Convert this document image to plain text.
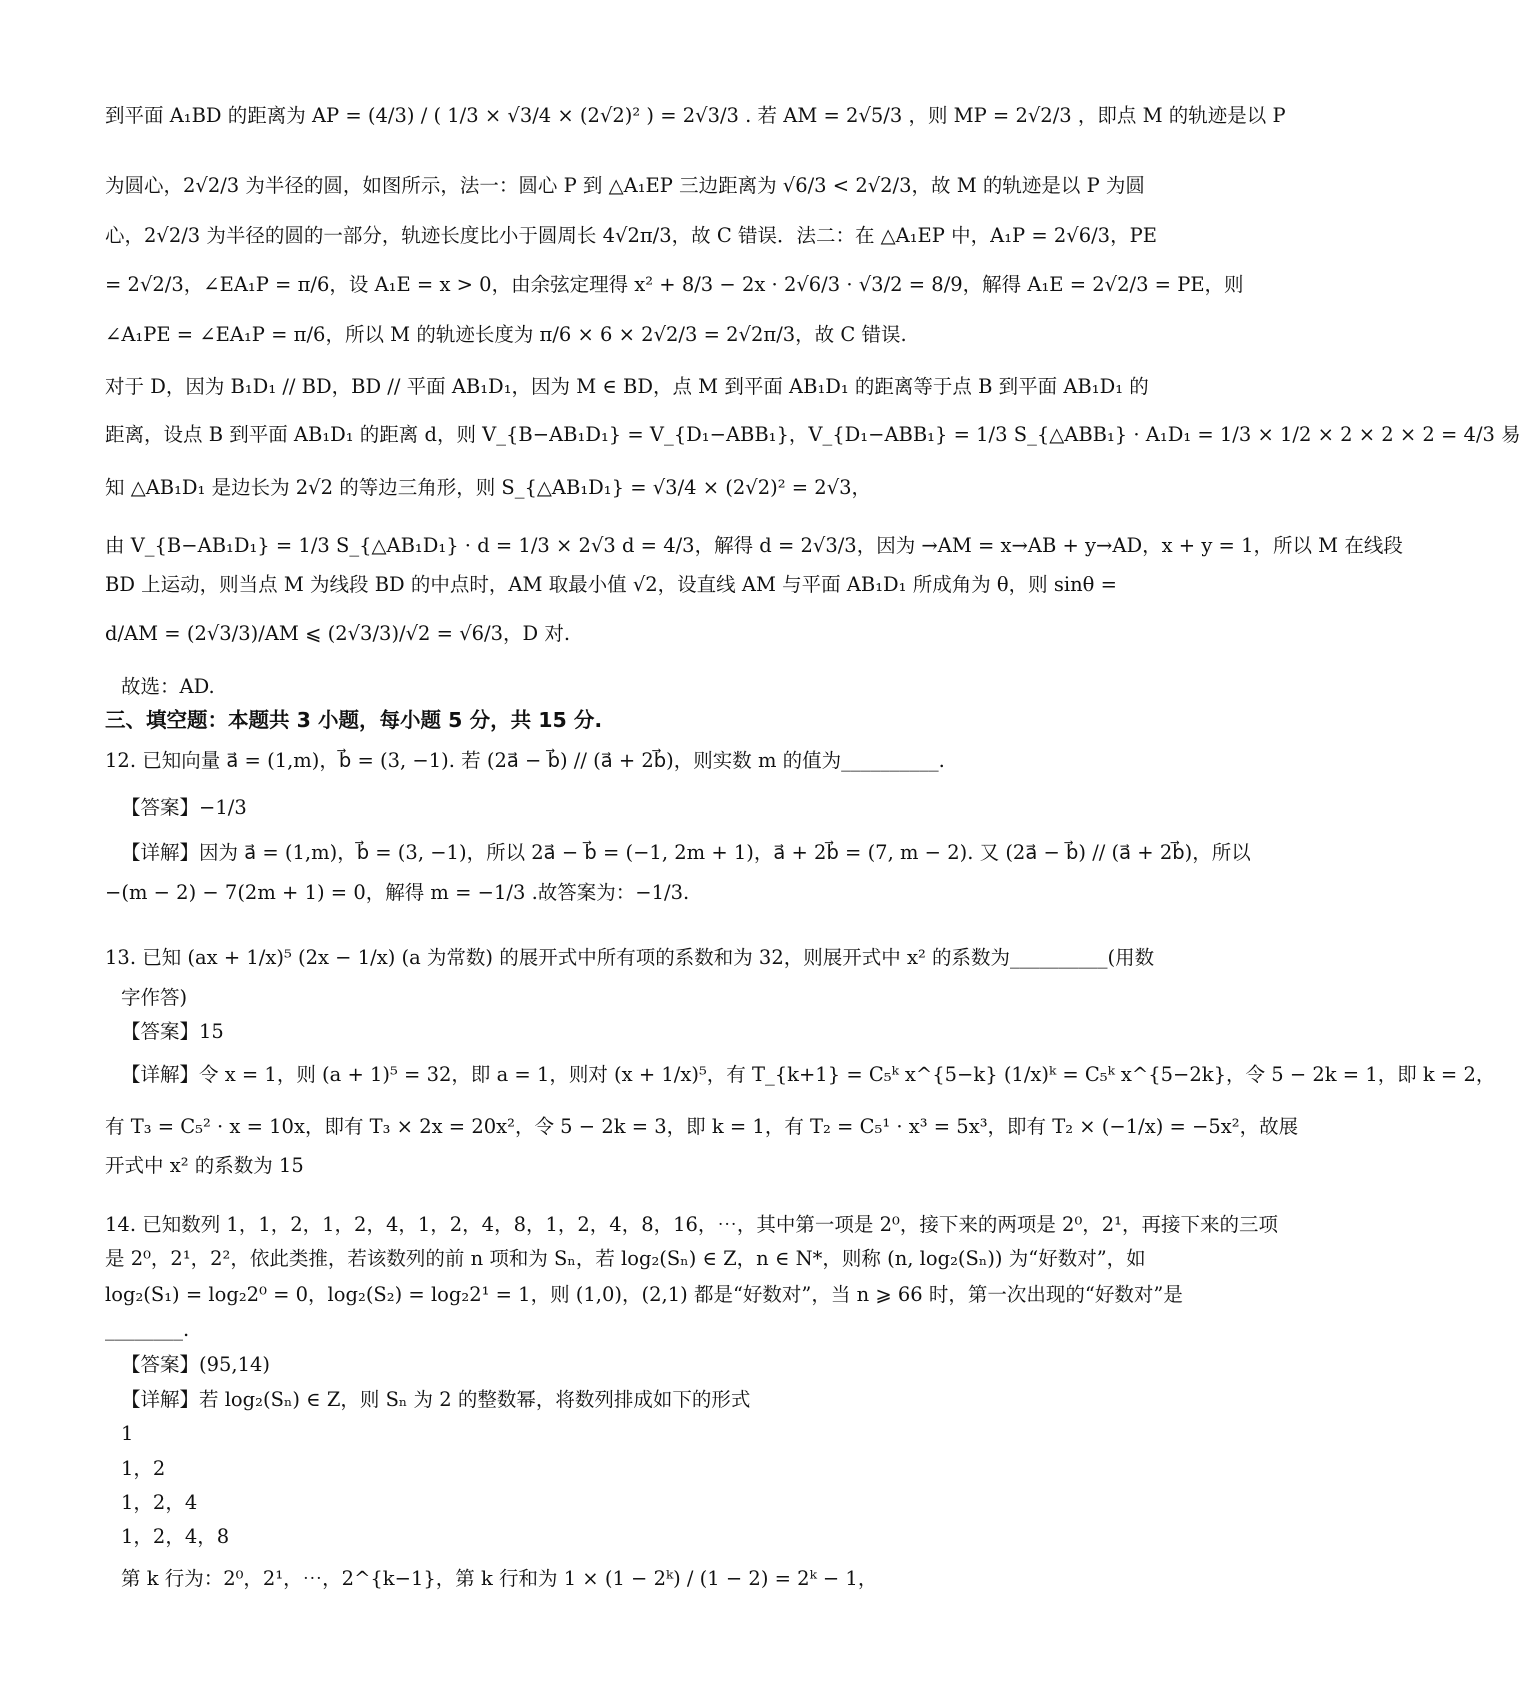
到平面 A₁BD 的距离为 AP = (4/3) / ( 1/3 × √3/4 × (2√2)² ) = 2√3/3 . 若 AM = 2√5/3 ，则 MP = 2√2/3 ，即点 M 的轨迹是以 P

为圆心，2√2/3 为半径的圆，如图所示，法一：圆心 P 到 △A₁EP 三边距离为 √6/3 < 2√2/3，故 M 的轨迹是以 P 为圆

心，2√2/3 为半径的圆的一部分，轨迹长度比小于圆周长 4√2π/3，故 C 错误．法二：在 △A₁EP 中，A₁P = 2√6/3，PE

= 2√2/3，∠EA₁P = π/6，设 A₁E = x > 0，由余弦定理得 x² + 8/3 − 2x · 2√6/3 · √3/2 = 8/9，解得 A₁E = 2√2/3 = PE，则

∠A₁PE = ∠EA₁P = π/6，所以 M 的轨迹长度为 π/6 × 6 × 2√2/3 = 2√2π/3，故 C 错误.

对于 D，因为 B₁D₁ // BD，BD // 平面 AB₁D₁，因为 M ∈ BD，点 M 到平面 AB₁D₁ 的距离等于点 B 到平面 AB₁D₁ 的

距离，设点 B 到平面 AB₁D₁ 的距离 d，则 V_{B−AB₁D₁} = V_{D₁−ABB₁}，V_{D₁−ABB₁} = 1/3 S_{△ABB₁} · A₁D₁ = 1/3 × 1/2 × 2 × 2 × 2 = 4/3 易

知 △AB₁D₁ 是边长为 2√2 的等边三角形，则 S_{△AB₁D₁} = √3/4 × (2√2)² = 2√3，

由 V_{B−AB₁D₁} = 1/3 S_{△AB₁D₁} · d = 1/3 × 2√3 d = 4/3，解得 d = 2√3/3，因为 →AM = x→AB + y→AD，x + y = 1，所以 M 在线段

BD 上运动，则当点 M 为线段 BD 的中点时，AM 取最小值 √2，设直线 AM 与平面 AB₁D₁ 所成角为 θ，则 sinθ =

d/AM = (2√3/3)/AM ⩽ (2√3/3)/√2 = √6/3，D 对.

故选：AD.

三、填空题：本题共 3 小题，每小题 5 分，共 15 分.

12. 已知向量 a⃗ = (1,m)，b⃗ = (3, −1). 若 (2a⃗ − b⃗) // (a⃗ + 2b⃗)，则实数 m 的值为__________.

【答案】−1/3

【详解】因为 a⃗ = (1,m)，b⃗ = (3, −1)，所以 2a⃗ − b⃗ = (−1, 2m + 1)，a⃗ + 2b⃗ = (7, m − 2). 又 (2a⃗ − b⃗) // (a⃗ + 2b⃗)，所以

−(m − 2) − 7(2m + 1) = 0，解得 m = −1/3 .故答案为：−1/3.

13. 已知 (ax + 1/x)⁵ (2x − 1/x) (a 为常数) 的展开式中所有项的系数和为 32，则展开式中 x² 的系数为__________(用数

字作答)

【答案】15

【详解】令 x = 1，则 (a + 1)⁵ = 32，即 a = 1，则对 (x + 1/x)⁵，有 T_{k+1} = C₅ᵏ x^{5−k} (1/x)ᵏ = C₅ᵏ x^{5−2k}，令 5 − 2k = 1，即 k = 2，

有 T₃ = C₅² · x = 10x，即有 T₃ × 2x = 20x²，令 5 − 2k = 3，即 k = 1，有 T₂ = C₅¹ · x³ = 5x³，即有 T₂ × (−1/x) = −5x²，故展

开式中 x² 的系数为 15

14. 已知数列 1，1，2，1，2，4，1，2，4，8，1，2，4，8，16，⋯，其中第一项是 2⁰，接下来的两项是 2⁰，2¹，再接下来的三项

是 2⁰，2¹，2²，依此类推，若该数列的前 n 项和为 Sₙ，若 log₂(Sₙ) ∈ Z，n ∈ N*，则称 (n, log₂(Sₙ)) 为“好数对”，如

log₂(S₁) = log₂2⁰ = 0，log₂(S₂) = log₂2¹ = 1，则 (1,0)，(2,1) 都是“好数对”，当 n ⩾ 66 时，第一次出现的“好数对”是

________.

【答案】(95,14)

【详解】若 log₂(Sₙ) ∈ Z，则 Sₙ 为 2 的整数幂，将数列排成如下的形式

1

1，2

1，2，4

1，2，4，8

第 k 行为：2⁰，2¹，⋯，2^{k−1}，第 k 行和为 1 × (1 − 2ᵏ) / (1 − 2) = 2ᵏ − 1，
